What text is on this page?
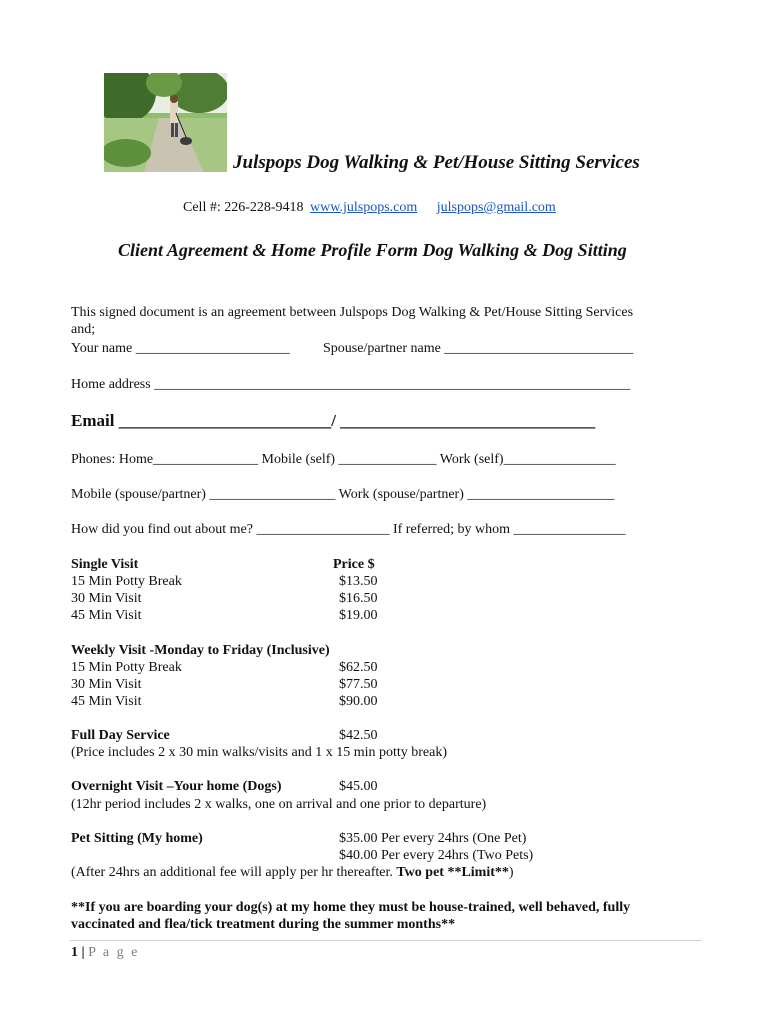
Julspops Dog Walking & Pet/House Sitting Services
Cell #: 226-228-9418 www.julspops.com julspops@gmail.com
Client Agreement & Home Profile Form Dog Walking & Dog Sitting
This signed document is an agreement between Julspops Dog Walking & Pet/House Sitting Services
and;
Your name ______________________ Spouse/partner name ___________________________
Home address ____________________________________________________________________
Email _________________________/ ______________________________
Phones: Home_______________ Mobile (self) ______________ Work (self)________________
Mobile (spouse/partner) __________________ Work (spouse/partner) _____________________
How did you find out about me? ___________________ If referred; by whom ________________
Single Visit	Price $
15 Min Potty Break	$13.50
30 Min Visit	$16.50
45 Min Visit	$19.00
Weekly Visit -Monday to Friday (Inclusive)
15 Min Potty Break	$62.50
30 Min Visit	$77.50
45 Min Visit	$90.00
Full Day Service	$42.50
(Price includes 2 x 30 min walks/visits and 1 x 15 min potty break)
Overnight Visit –Your home (Dogs)	$45.00
(12hr period includes 2 x walks, one on arrival and one prior to departure)
Pet Sitting (My home)	$35.00 Per every 24hrs (One Pet)
$40.00 Per every 24hrs (Two Pets)
(After 24hrs an additional fee will apply per hr thereafter. Two pet **Limit**)
**If you are boarding your dog(s) at my home they must be house-trained, well behaved, fully
vaccinated and flea/tick treatment during the summer months**
1 | P a g e
